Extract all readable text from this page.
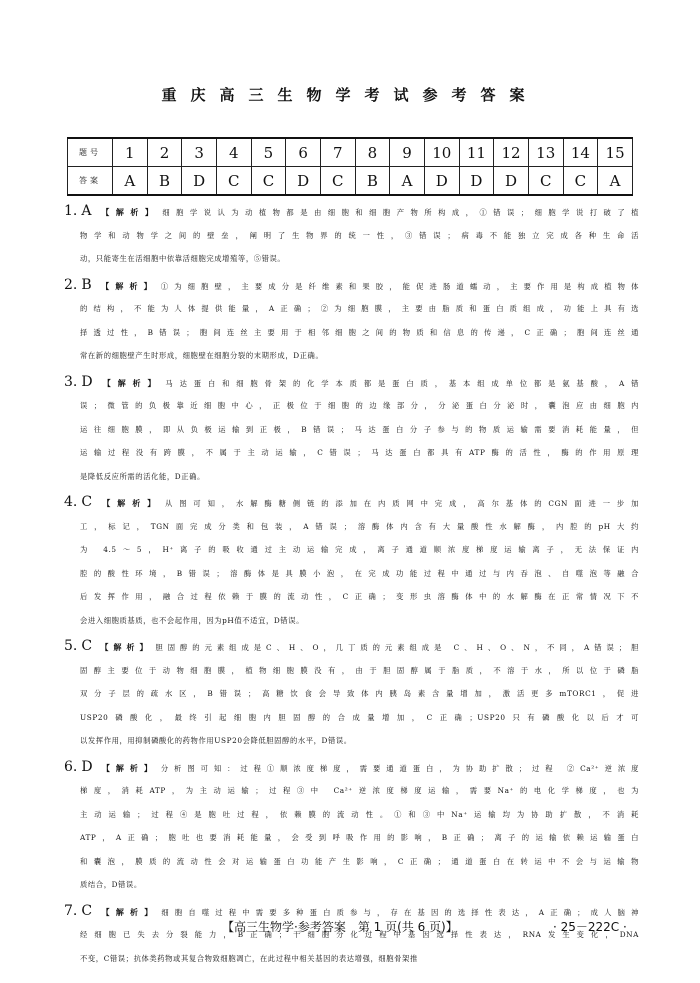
重庆高三生物学考试参考答案
题号	1	2	3	4	5	6	7	8	9	10	11	12	13	14	15
答案	A	B	D	C	C	D	C	B	A	D	D	D	C	C	A
1. A 【解析】 细胞学说认为动植物都是由细胞和细胞产物所构成，①错误；细胞学说打破了植
物学和动物学之间的壁垒，阐明了生物界的统一性，③错误；病毒不能独立完成各种生命活
动，只能寄生在活细胞中依靠活细胞完成增殖等，⑤错误。
2. B 【解析】 ①为细胞壁，主要成分是纤维素和果胶，能促进肠道蠕动，主要作用是构成植物体
的结构，不能为人体提供能量，A正确；②为细胞膜，主要由脂质和蛋白质组成，功能上具有选
择透过性，B错误；胞间连丝主要用于相邻细胞之间的物质和信息的传递，C正确；胞间连丝通
常在新的细胞壁产生时形成，细胞壁在细胞分裂的末期形成，D正确。
3. D 【解析】 马达蛋白和细胞骨架的化学本质都是蛋白质，基本组成单位都是氨基酸，A错
误；微管的负极靠近细胞中心，正极位于细胞的边缘部分，分泌蛋白分泌时，囊泡应由细胞内
运往细胞膜，即从负极运输到正极，B错误；马达蛋白分子参与的物质运输需要消耗能量，但
运输过程没有跨膜，不属于主动运输，C错误；马达蛋白都具有ATP酶的活性，酶的作用原理
是降低反应所需的活化能，D正确。
4. C 【解析】 从图可知，水解酶糖侧链的添加在内质网中完成，高尔基体的CGN面进一步加
工，标记，TGN面完成分类和包装，A错误；溶酶体内含有大量酸性水解酶，内腔的pH大约
为 4.5～5，H⁺离子的吸收通过主动运输完成，离子通道顺浓度梯度运输离子，无法保证内
腔的酸性环境，B错误；溶酶体是具膜小泡，在完成功能过程中通过与内吞泡、自噬泡等融合
后发挥作用，融合过程依赖于膜的流动性，C正确；变形虫溶酶体中的水解酶在正常情况下不
会进入细胞质基质，也不会起作用，因为pH值不适宜，D错误。
5. C 【解析】 胆固醇的元素组成是C、H、O，几丁质的元素组成是 C、H、O、N，不同，A错误；胆
固醇主要位于动物细胞膜，植物细胞膜没有，由于胆固醇属于脂质，不溶于水，所以位于磷脂
双分子层的疏水区，B错误；高糖饮食会导致体内胰岛素含量增加，激活更多mTORC1，促进
USP20磷酸化，最终引起细胞内胆固醇的合成量增加，C正确；USP20只有磷酸化以后才可
以发挥作用，用抑制磷酸化的药物作用USP20会降低胆固醇的水平，D错误。
6. D 【解析】 分析图可知：过程①顺浓度梯度，需要通道蛋白，为协助扩散；过程 ②Ca²⁺逆浓度
梯度，消耗ATP，为主动运输；过程③中 Ca²⁺逆浓度梯度运输，需要Na⁺的电化学梯度，也为
主动运输；过程④是胞吐过程，依赖膜的流动性。①和③中Na⁺运输均为协助扩散，不消耗
ATP，A正确；胞吐也要消耗能量，会受到呼吸作用的影响，B正确；离子的运输依赖运输蛋白
和囊泡，膜质的流动性会对运输蛋白功能产生影响，C正确；通道蛋白在转运中不会与运输物
质结合，D错误。
7. C 【解析】 细胞自噬过程中需要多种蛋白质参与，存在基因的选择性表达，A正确；成人脑神
经细胞已失去分裂能力，B正确；干细胞分化过程中基因选择性表达，RNA发生变化，DNA
不变，C错误；抗体类药物或其复合物致细胞凋亡，在此过程中相关基因的表达增强，细胞骨架推
【高三生物学·参考答案　第 1 页(共 6 页)】	· 25－222C ·
